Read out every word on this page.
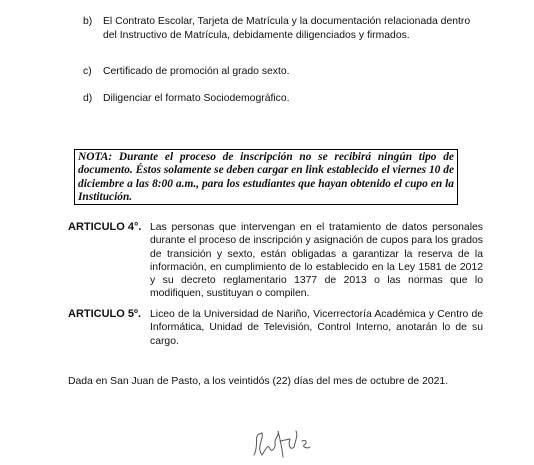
b) El Contrato Escolar, Tarjeta de Matrícula y la documentación relacionada dentro del Instructivo de Matrícula, debidamente diligenciados y firmados.
c) Certificado de promoción al grado sexto.
d) Diligenciar el formato Sociodemográfico.
NOTA: Durante el proceso de inscripción no se recibirá ningún tipo de documento. Éstos solamente se deben cargar en link establecido el viernes 10 de diciembre a las 8:00 a.m., para los estudiantes que hayan obtenido el cupo en la Institución.
ARTICULO 4°. Las personas que intervengan en el tratamiento de datos personales durante el proceso de inscripción y asignación de cupos para los grados de transición y sexto, están obligadas a garantizar la reserva de la información, en cumplimiento de lo establecido en la Ley 1581 de 2012 y su decreto reglamentario 1377 de 2013 o las normas que lo modifiquen, sustituyan o compilen.
ARTICULO 5º. Liceo de la Universidad de Nariño, Vicerrectoría Académica y Centro de Informática, Unidad de Televisión, Control Interno, anotarán lo de su cargo.
Dada en San Juan de Pasto, a los veintidós (22) días del mes de octubre de 2021.
